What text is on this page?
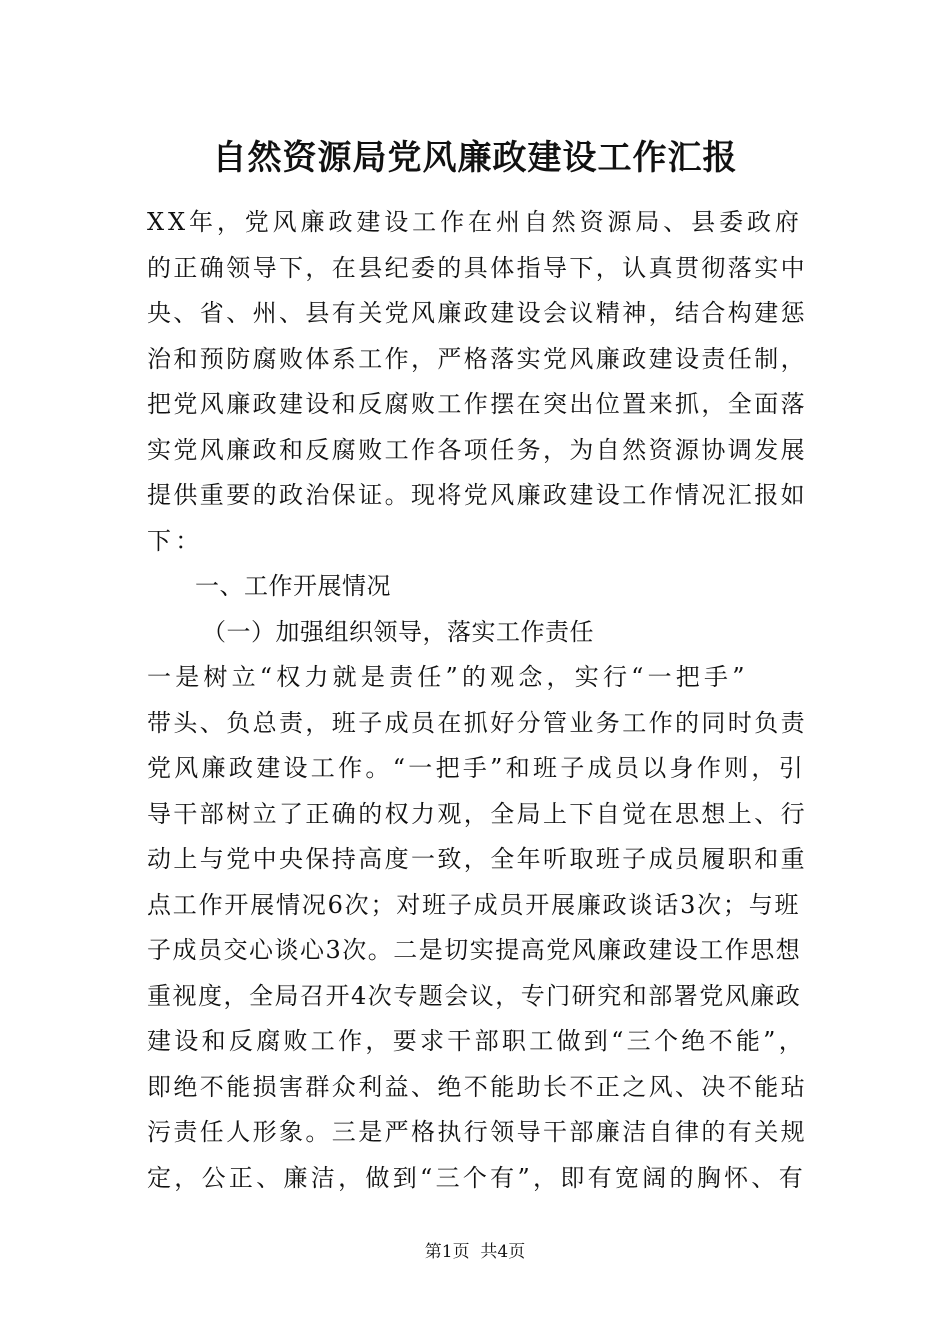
自然资源局党风廉政建设工作汇报
XX年，党风廉政建设工作在州自然资源局、县委政府
的正确领导下，在县纪委的具体指导下，认真贯彻落实中
央、省、州、县有关党风廉政建设会议精神，结合构建惩
治和预防腐败体系工作，严格落实党风廉政建设责任制，
把党风廉政建设和反腐败工作摆在突出位置来抓，全面落
实党风廉政和反腐败工作各项任务，为自然资源协调发展
提供重要的政治保证。现将党风廉政建设工作情况汇报如
下：
一、工作开展情况
（一）加强组织领导，落实工作责任
一是树立“权力就是责任”的观念，实行“一把手”
带头、负总责，班子成员在抓好分管业务工作的同时负责
党风廉政建设工作。“一把手”和班子成员以身作则，引
导干部树立了正确的权力观，全局上下自觉在思想上、行
动上与党中央保持高度一致，全年听取班子成员履职和重
点工作开展情况6次；对班子成员开展廉政谈话3次；与班
子成员交心谈心3次。二是切实提高党风廉政建设工作思想
重视度，全局召开4次专题会议，专门研究和部署党风廉政
建设和反腐败工作，要求干部职工做到“三个绝不能”，
即绝不能损害群众利益、绝不能助长不正之风、决不能玷
污责任人形象。三是严格执行领导干部廉洁自律的有关规
定，公正、廉洁，做到“三个有”，即有宽阔的胸怀、有
第1页  共4页
